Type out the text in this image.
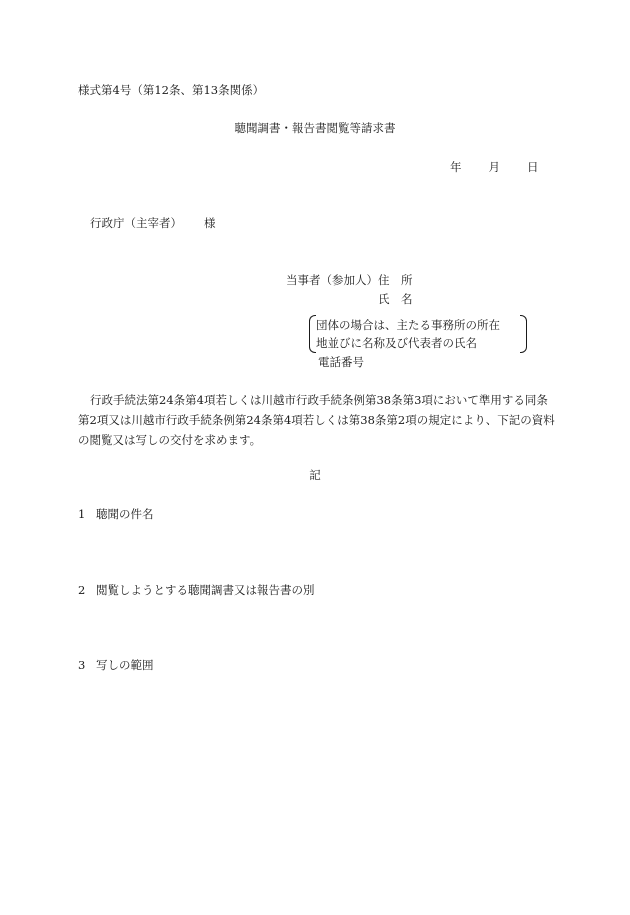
様式第4号（第12条、第13条関係）
聴聞調書・報告書閲覧等請求書
年 月 日
行政庁（主宰者） 様
当事者（参加人） 住　所
氏　名
団体の場合は、主たる事務所の所在
地並びに名称及び代表者の氏名
電話番号
行政手続法第24条第4項若しくは川越市行政手続条例第38条第3項において準用する同条
第2項又は川越市行政手続条例第24条第4項若しくは第38条第2項の規定により、下記の資料
の閲覧又は写しの交付を求めます。
記
1 聴聞の件名
2 閲覧しようとする聴聞調書又は報告書の別
3 写しの範囲
